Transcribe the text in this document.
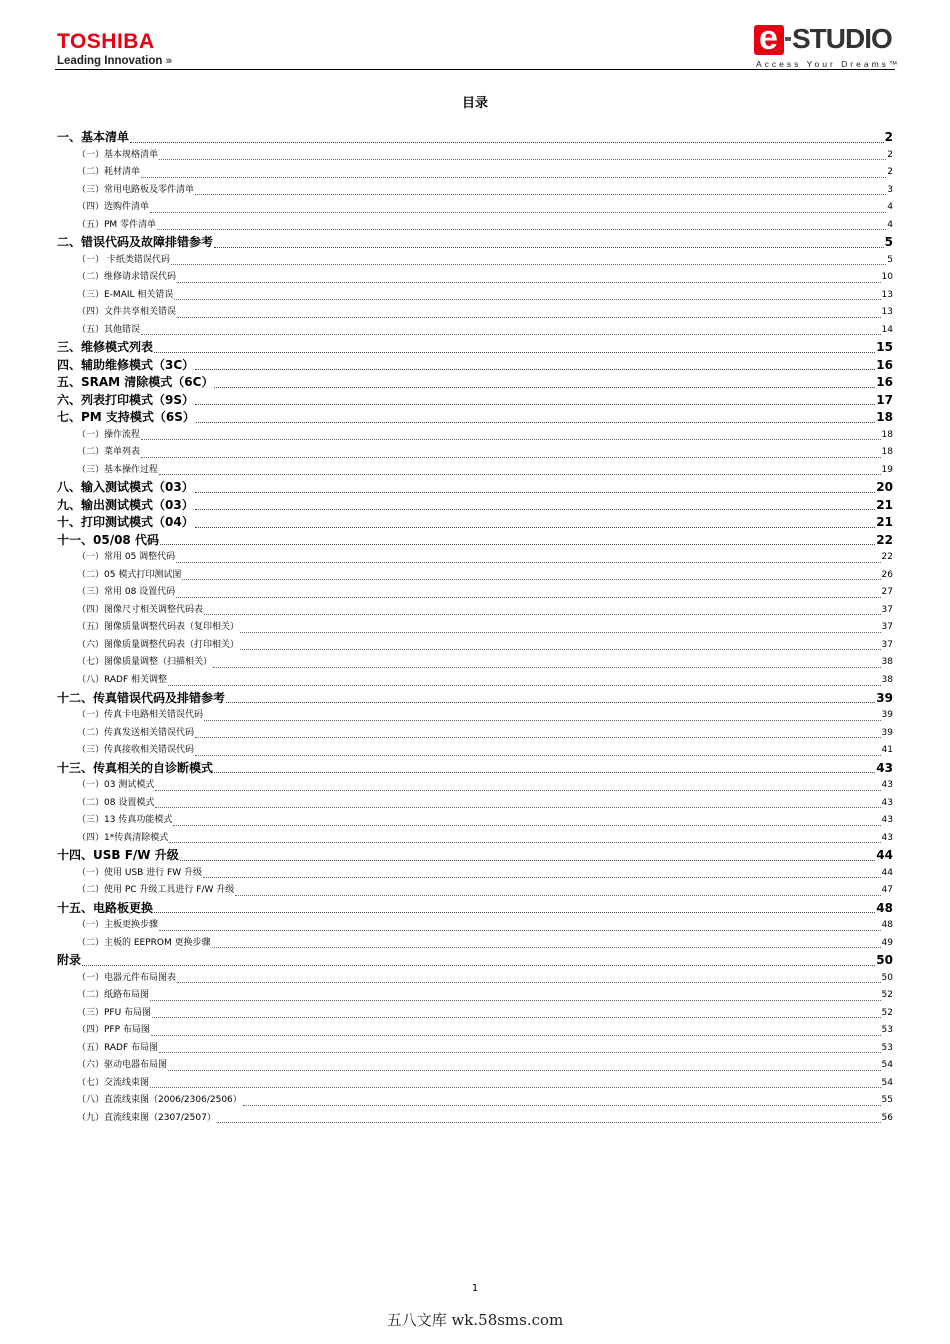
TOSHIBA
Leading Innovation ›››
e STUDIO
Access Your Dreams™
目录
一、基本清单	2
（一）基本规格清单	2
（二）耗材清单	2
（三）常用电路板及零件清单	3
（四）选购件清单	4
（五）PM 零件清单	4
二、错误代码及故障排错参考	5
（一） 卡纸类错误代码	5
（二）维修请求错误代码	10
（三）E-MAIL 相关错误	13
（四）文件共享相关错误	13
（五）其他错误	14
三、维修模式列表	15
四、辅助维修模式（3C）	16
五、SRAM 清除模式（6C）	16
六、列表打印模式（9S）	17
七、PM 支持模式（6S）	18
（一）操作流程	18
（二）菜单列表	18
（三）基本操作过程	19
八、输入测试模式（03）	20
九、输出测试模式（03）	21
十、打印测试模式（04）	21
十一、05/08 代码	22
（一）常用 05 调整代码	22
（二）05 模式打印测试图	26
（三）常用 08 设置代码	27
（四）图像尺寸相关调整代码表	37
（五）图像质量调整代码表（复印相关）	37
（六）图像质量调整代码表（打印相关）	37
（七）图像质量调整（扫描相关）	38
（八）RADF 相关调整	38
十二、传真错误代码及排错参考	39
（一）传真卡电路相关错误代码	39
（二）传真发送相关错误代码	39
（三）传真接收相关错误代码	41
十三、传真相关的自诊断模式	43
（一）03 测试模式	43
（二）08 设置模式	43
（三）13 传真功能模式	43
（四）1*传真清除模式	43
十四、USB F/W 升级	44
（一）使用 USB 进行 FW 升级	44
（二）使用 PC 升级工具进行 F/W 升级	47
十五、电路板更换	48
（一）主板更换步骤	48
（二）主板的 EEPROM 更换步骤	49
附录	50
（一）电器元件布局图表	50
（二）纸路布局图	52
（三）PFU 布局图	52
（四）PFP 布局图	53
（五）RADF 布局图	53
（六）驱动电器布局图	54
（七）交流线束图	54
（八）直流线束图（2006/2306/2506）	55
（九）直流线束图（2307/2507）	56
1
五八文库 wk.58sms.com
